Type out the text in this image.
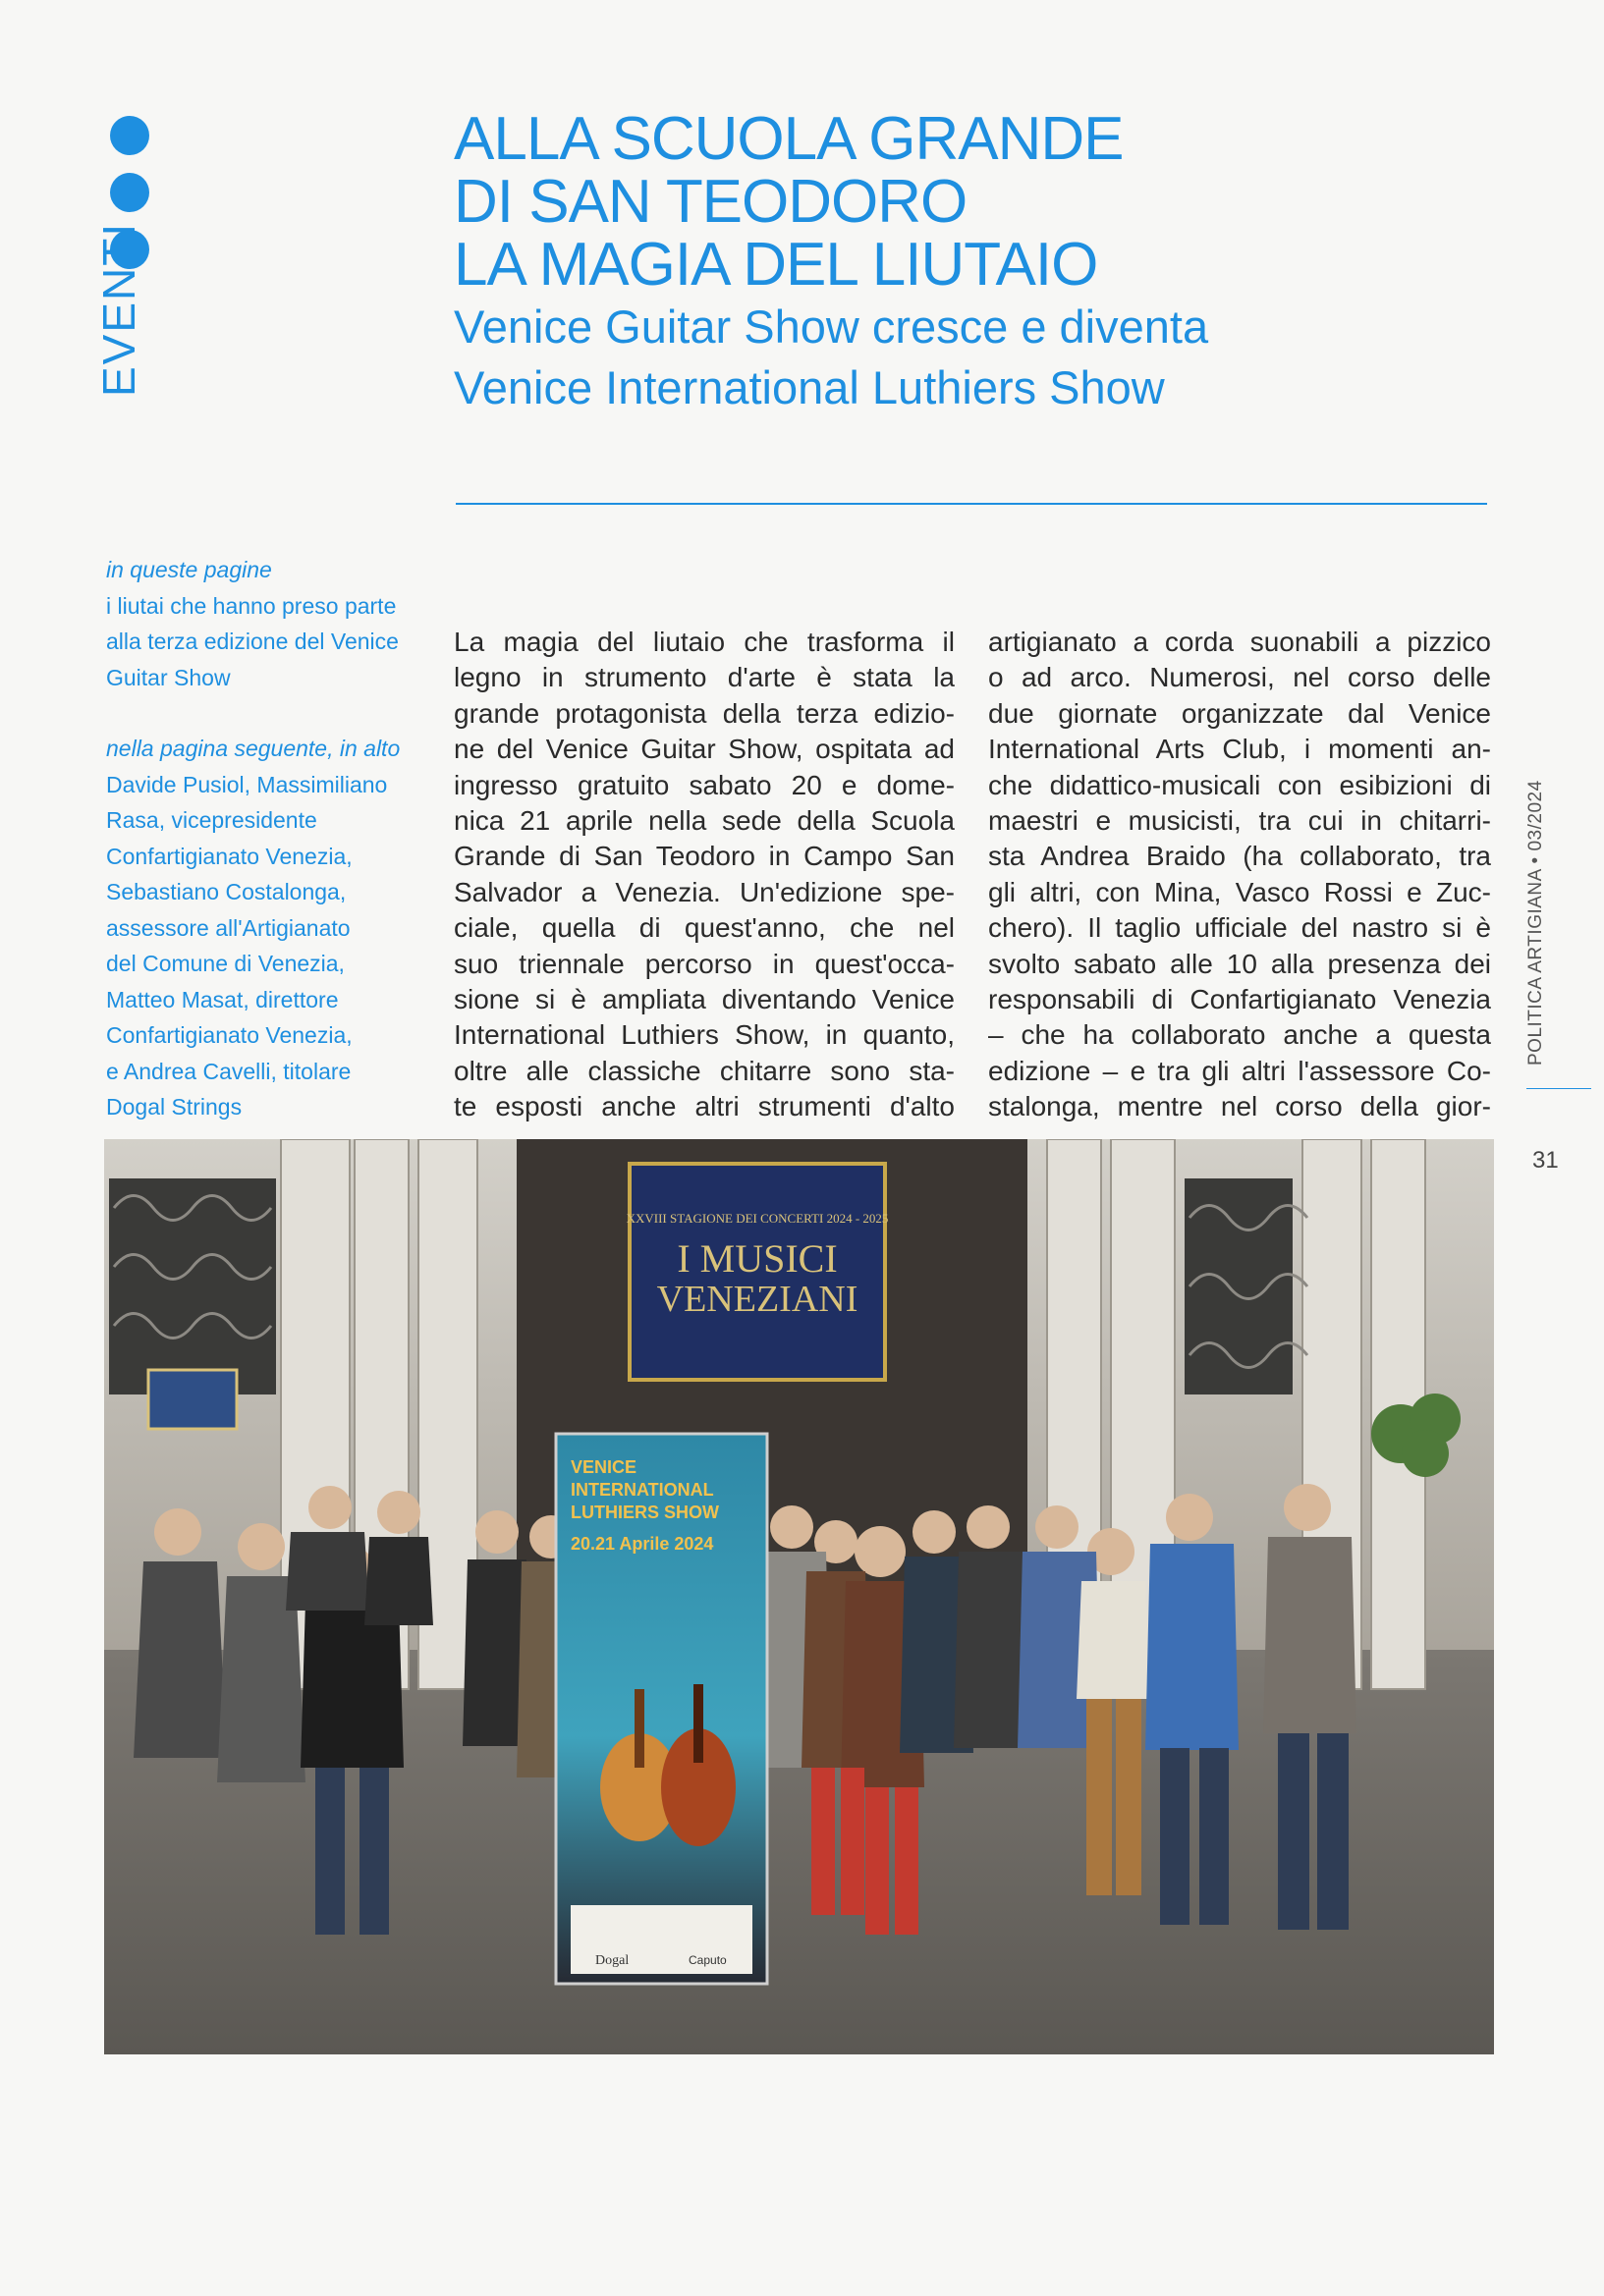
EVENTI
ALLA SCUOLA GRANDE
DI SAN TEODORO
LA MAGIA DEL LIUTAIO
Venice Guitar Show cresce e diventa
Venice International Luthiers Show
in queste pagine
i liutai che hanno preso parte
alla terza edizione del Venice
Guitar Show
nella pagina seguente, in alto
Davide Pusiol, Massimiliano
Rasa, vicepresidente
Confartigianato Venezia,
Sebastiano Costalonga,
assessore all'Artigianato
del Comune di Venezia,
Matteo Masat, direttore
Confartigianato Venezia,
e Andrea Cavelli, titolare
Dogal Strings
La magia del liutaio che trasforma il
legno in strumento d'arte è stata la
grande protagonista della terza edizio-
ne del Venice Guitar Show, ospitata ad
ingresso gratuito sabato 20 e dome-
nica 21 aprile nella sede della Scuola
Grande di San Teodoro in Campo San
Salvador a Venezia. Un'edizione spe-
ciale, quella di quest'anno, che nel
suo triennale percorso in quest'occa-
sione si è ampliata diventando Venice
International Luthiers Show, in quanto,
oltre alle classiche chitarre sono sta-
te esposti anche altri strumenti d'alto
artigianato a corda suonabili a pizzico
o ad arco. Numerosi, nel corso delle
due giornate organizzate dal Venice
International Arts Club, i momenti an-
che didattico-musicali con esibizioni di
maestri e musicisti, tra cui in chitarri-
sta Andrea Braido (ha collaborato, tra
gli altri, con Mina, Vasco Rossi e Zuc-
chero). Il taglio ufficiale del nastro si è
svolto sabato alle 10 alla presenza dei
responsabili di Confartigianato Venezia
– che ha collaborato anche a questa
edizione – e tra gli altri l'assessore Co-
stalonga, mentre nel corso della gior-
POLITICA ARTIGIANA • 03/2024
31
XXVIII STAGIONE DEI CONCERTI 2024 - 2025
I MUSICI
VENEZIANI
VENICE
INTERNATIONAL
LUTHIERS SHOW
20.21 Aprile 2024
Dogal	Caputo
